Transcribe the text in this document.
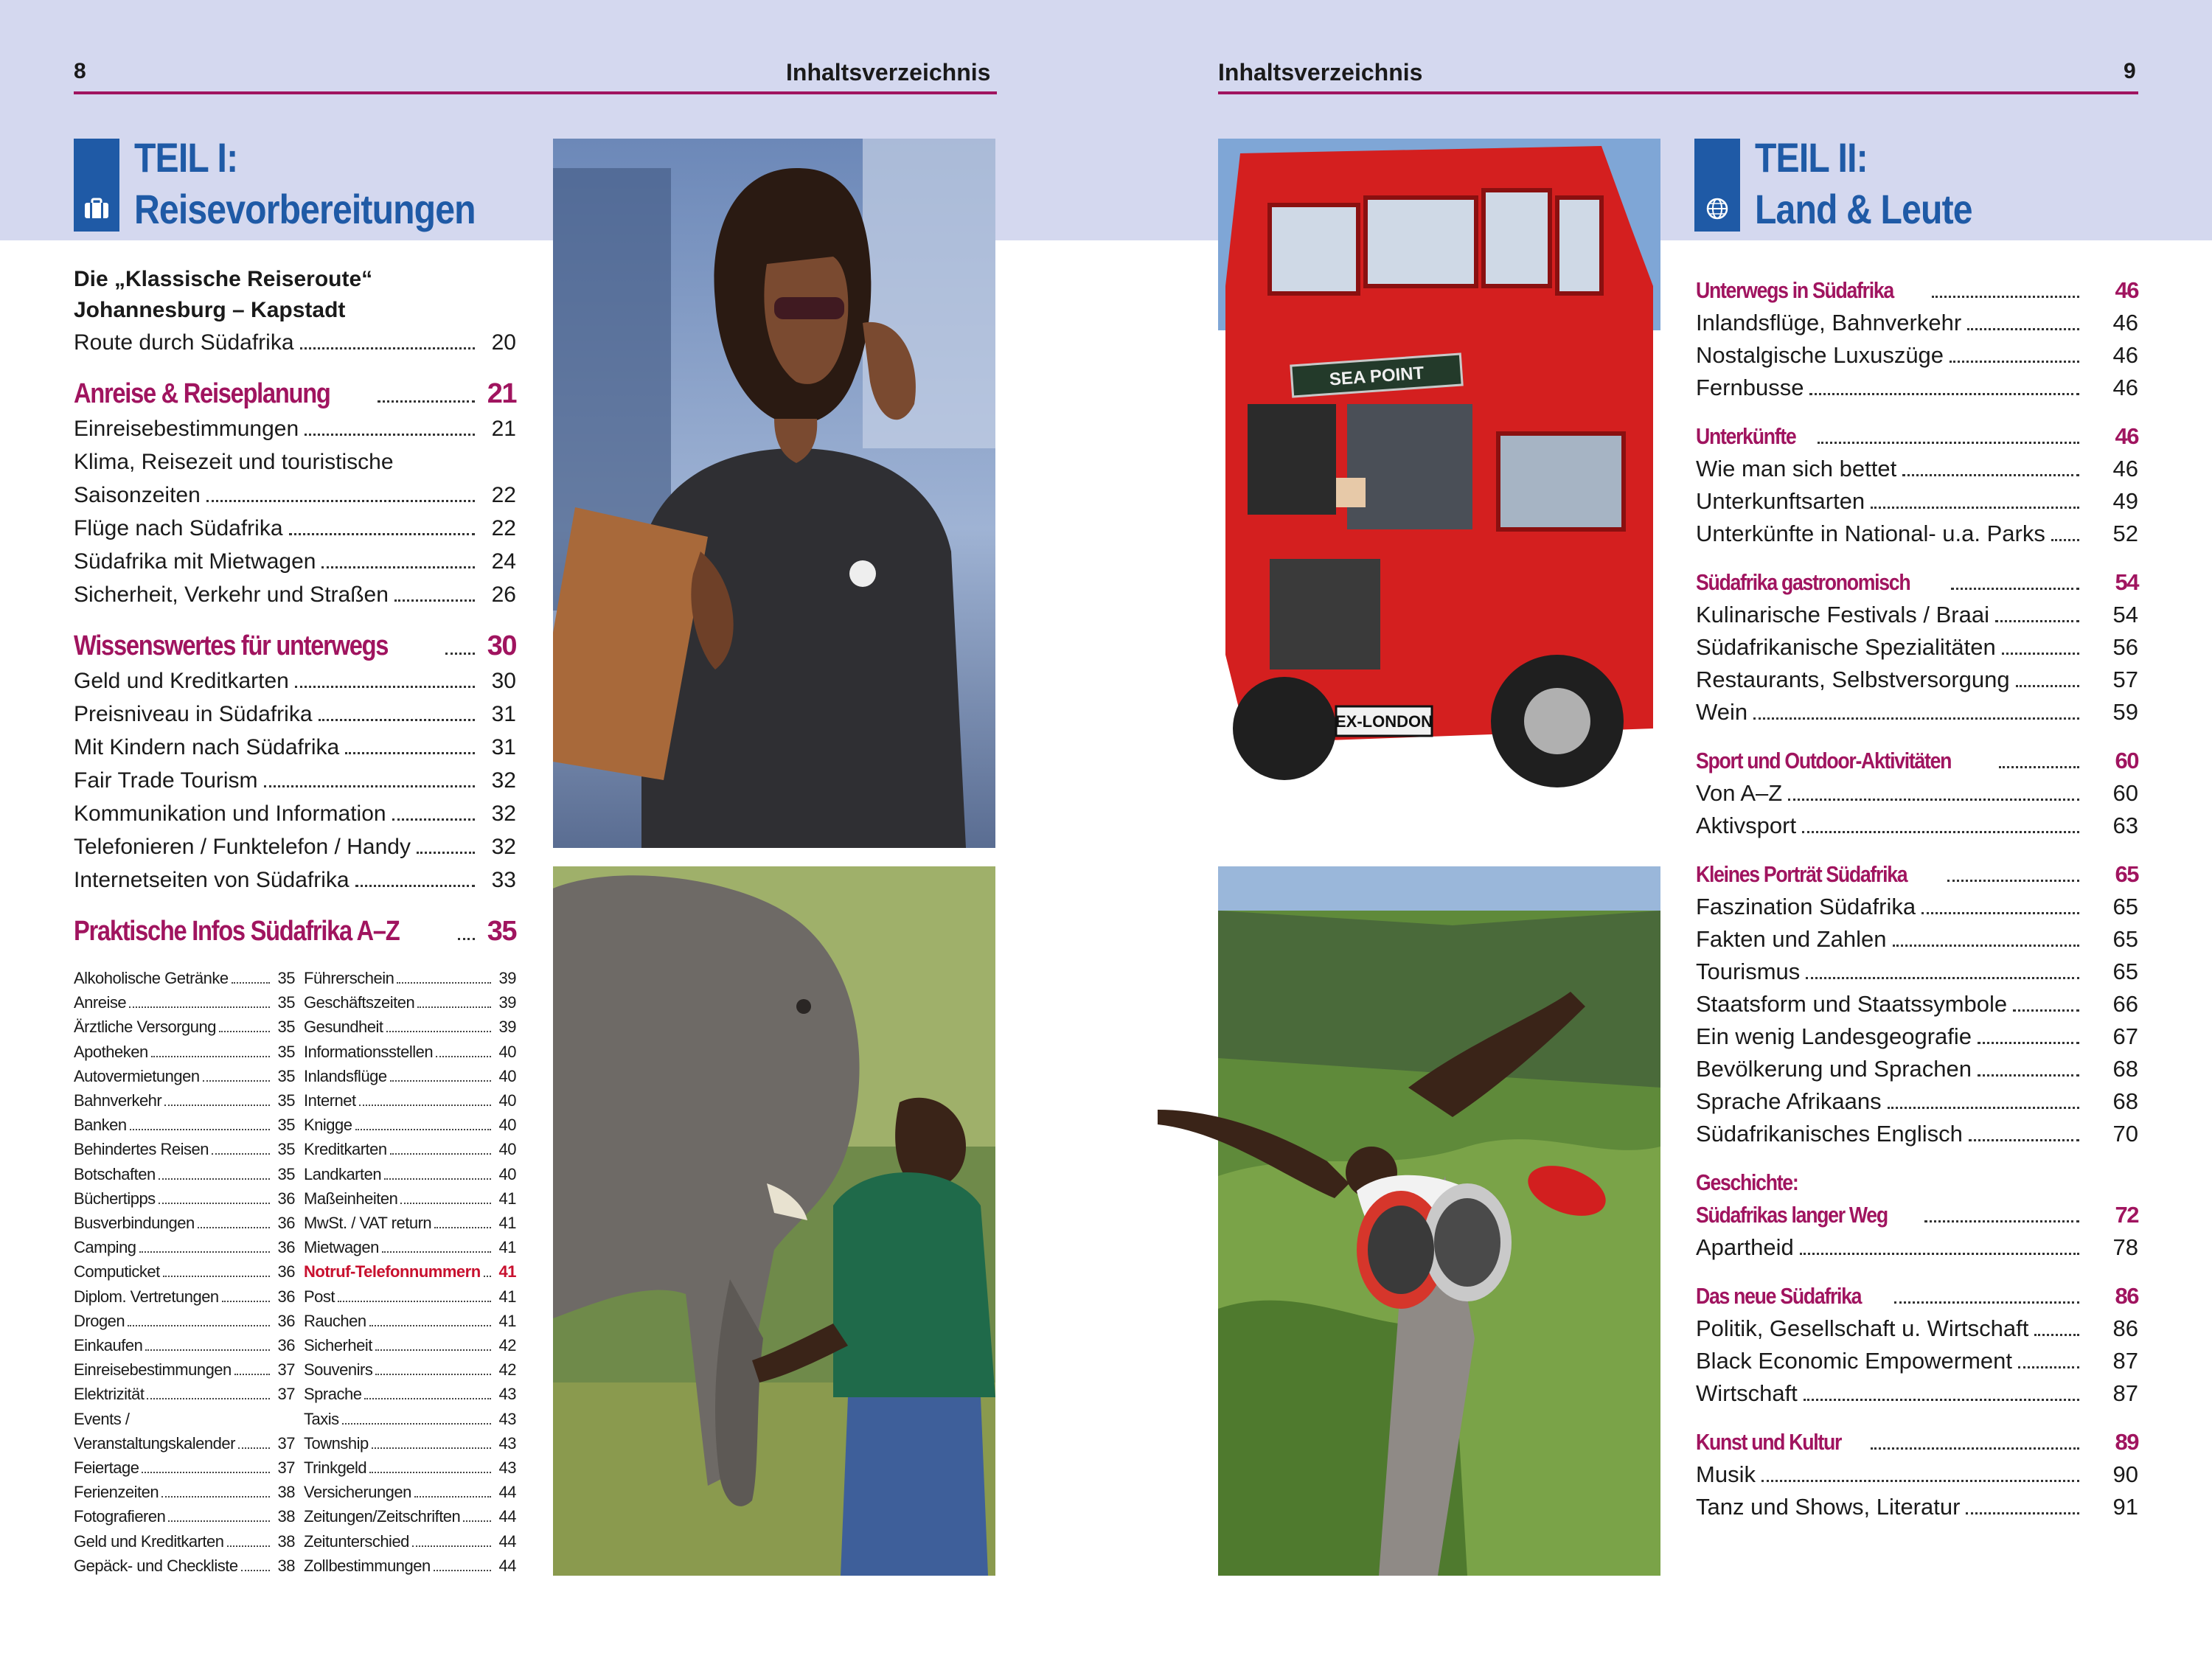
8	Inhaltsverzeichnis	Inhaltsverzeichnis	9
TEIL I:
Reisevorbereitungen
TEIL II:
Land & Leute
EX-LONDON
SEA POINT
Die „Klassische Reiseroute“
Johannesburg – Kapstadt
Route durch Südafrika	20
Anreise & Reiseplanung	21
Einreisebestimmungen	21
Klima, Reisezeit und touristische
Saisonzeiten	22
Flüge nach Südafrika	22
Südafrika mit Mietwagen	24
Sicherheit, Verkehr und Straßen	26
Wissenswertes für unterwegs	30
Geld und Kreditkarten	30
Preisniveau in Südafrika	31
Mit Kindern nach Südafrika	31
Fair Trade Tourism	32
Kommunikation und Information	32
Telefonieren / Funktelefon / Handy	32
Internetseiten von Südafrika	33
Praktische Infos Südafrika A–Z	35
Alkoholische Getränke	35
Anreise	35
Ärztliche Versorgung	35
Apotheken	35
Autovermietungen	35
Bahnverkehr	35
Banken	35
Behindertes Reisen	35
Botschaften	35
Büchertipps	36
Busverbindungen	36
Camping	36
Computicket	36
Diplom. Vertretungen	36
Drogen	36
Einkaufen	36
Einreisebestimmungen	37
Elektrizität	37
Events /
Veranstaltungskalender	37
Feiertage	37
Ferienzeiten	38
Fotografieren	38
Geld und Kreditkarten	38
Gepäck- und Checkliste 38
Führerschein	39
Geschäftszeiten	39
Gesundheit	39
Informationsstellen	40
Inlandsflüge	40
Internet	40
Knigge	40
Kreditkarten	40
Landkarten	40
Maßeinheiten	41
MwSt. / VAT return	41
Mietwagen	41
Notruf-Telefonnummern 41
Post	41
Rauchen	41
Sicherheit	42
Souvenirs	42
Sprache	43
Taxis	43
Township	43
Trinkgeld	43
Versicherungen	44
Zeitungen/Zeitschriften 44
Zeitunterschied	44
Zollbestimmungen	44
Unterwegs in Südafrika	46
Inlandsflüge, Bahnverkehr	46
Nostalgische Luxuszüge	46
Fernbusse	46
Unterkünfte	46
Wie man sich bettet	46
Unterkunftsarten	49
Unterkünfte in National- u.a. Parks	52
Südafrika gastronomisch	54
Kulinarische Festivals / Braai	54
Südafrikanische Spezialitäten	56
Restaurants, Selbstversorgung	57
Wein	59
Sport und Outdoor-Aktivitäten	60
Von A–Z	60
Aktivsport	63
Kleines Porträt Südafrika	65
Faszination Südafrika	65
Fakten und Zahlen	65
Tourismus	65
Staatsform und Staatssymbole	66
Ein wenig Landesgeografie	67
Bevölkerung und Sprachen	68
Sprache Afrikaans	68
Südafrikanisches Englisch	70
Geschichte:
Südafrikas langer Weg	72
Apartheid	78
Das neue Südafrika	86
Politik, Gesellschaft u. Wirtschaft	86
Black Economic Empowerment	87
Wirtschaft	87
Kunst und Kultur	89
Musik	90
Tanz und Shows, Literatur	91
